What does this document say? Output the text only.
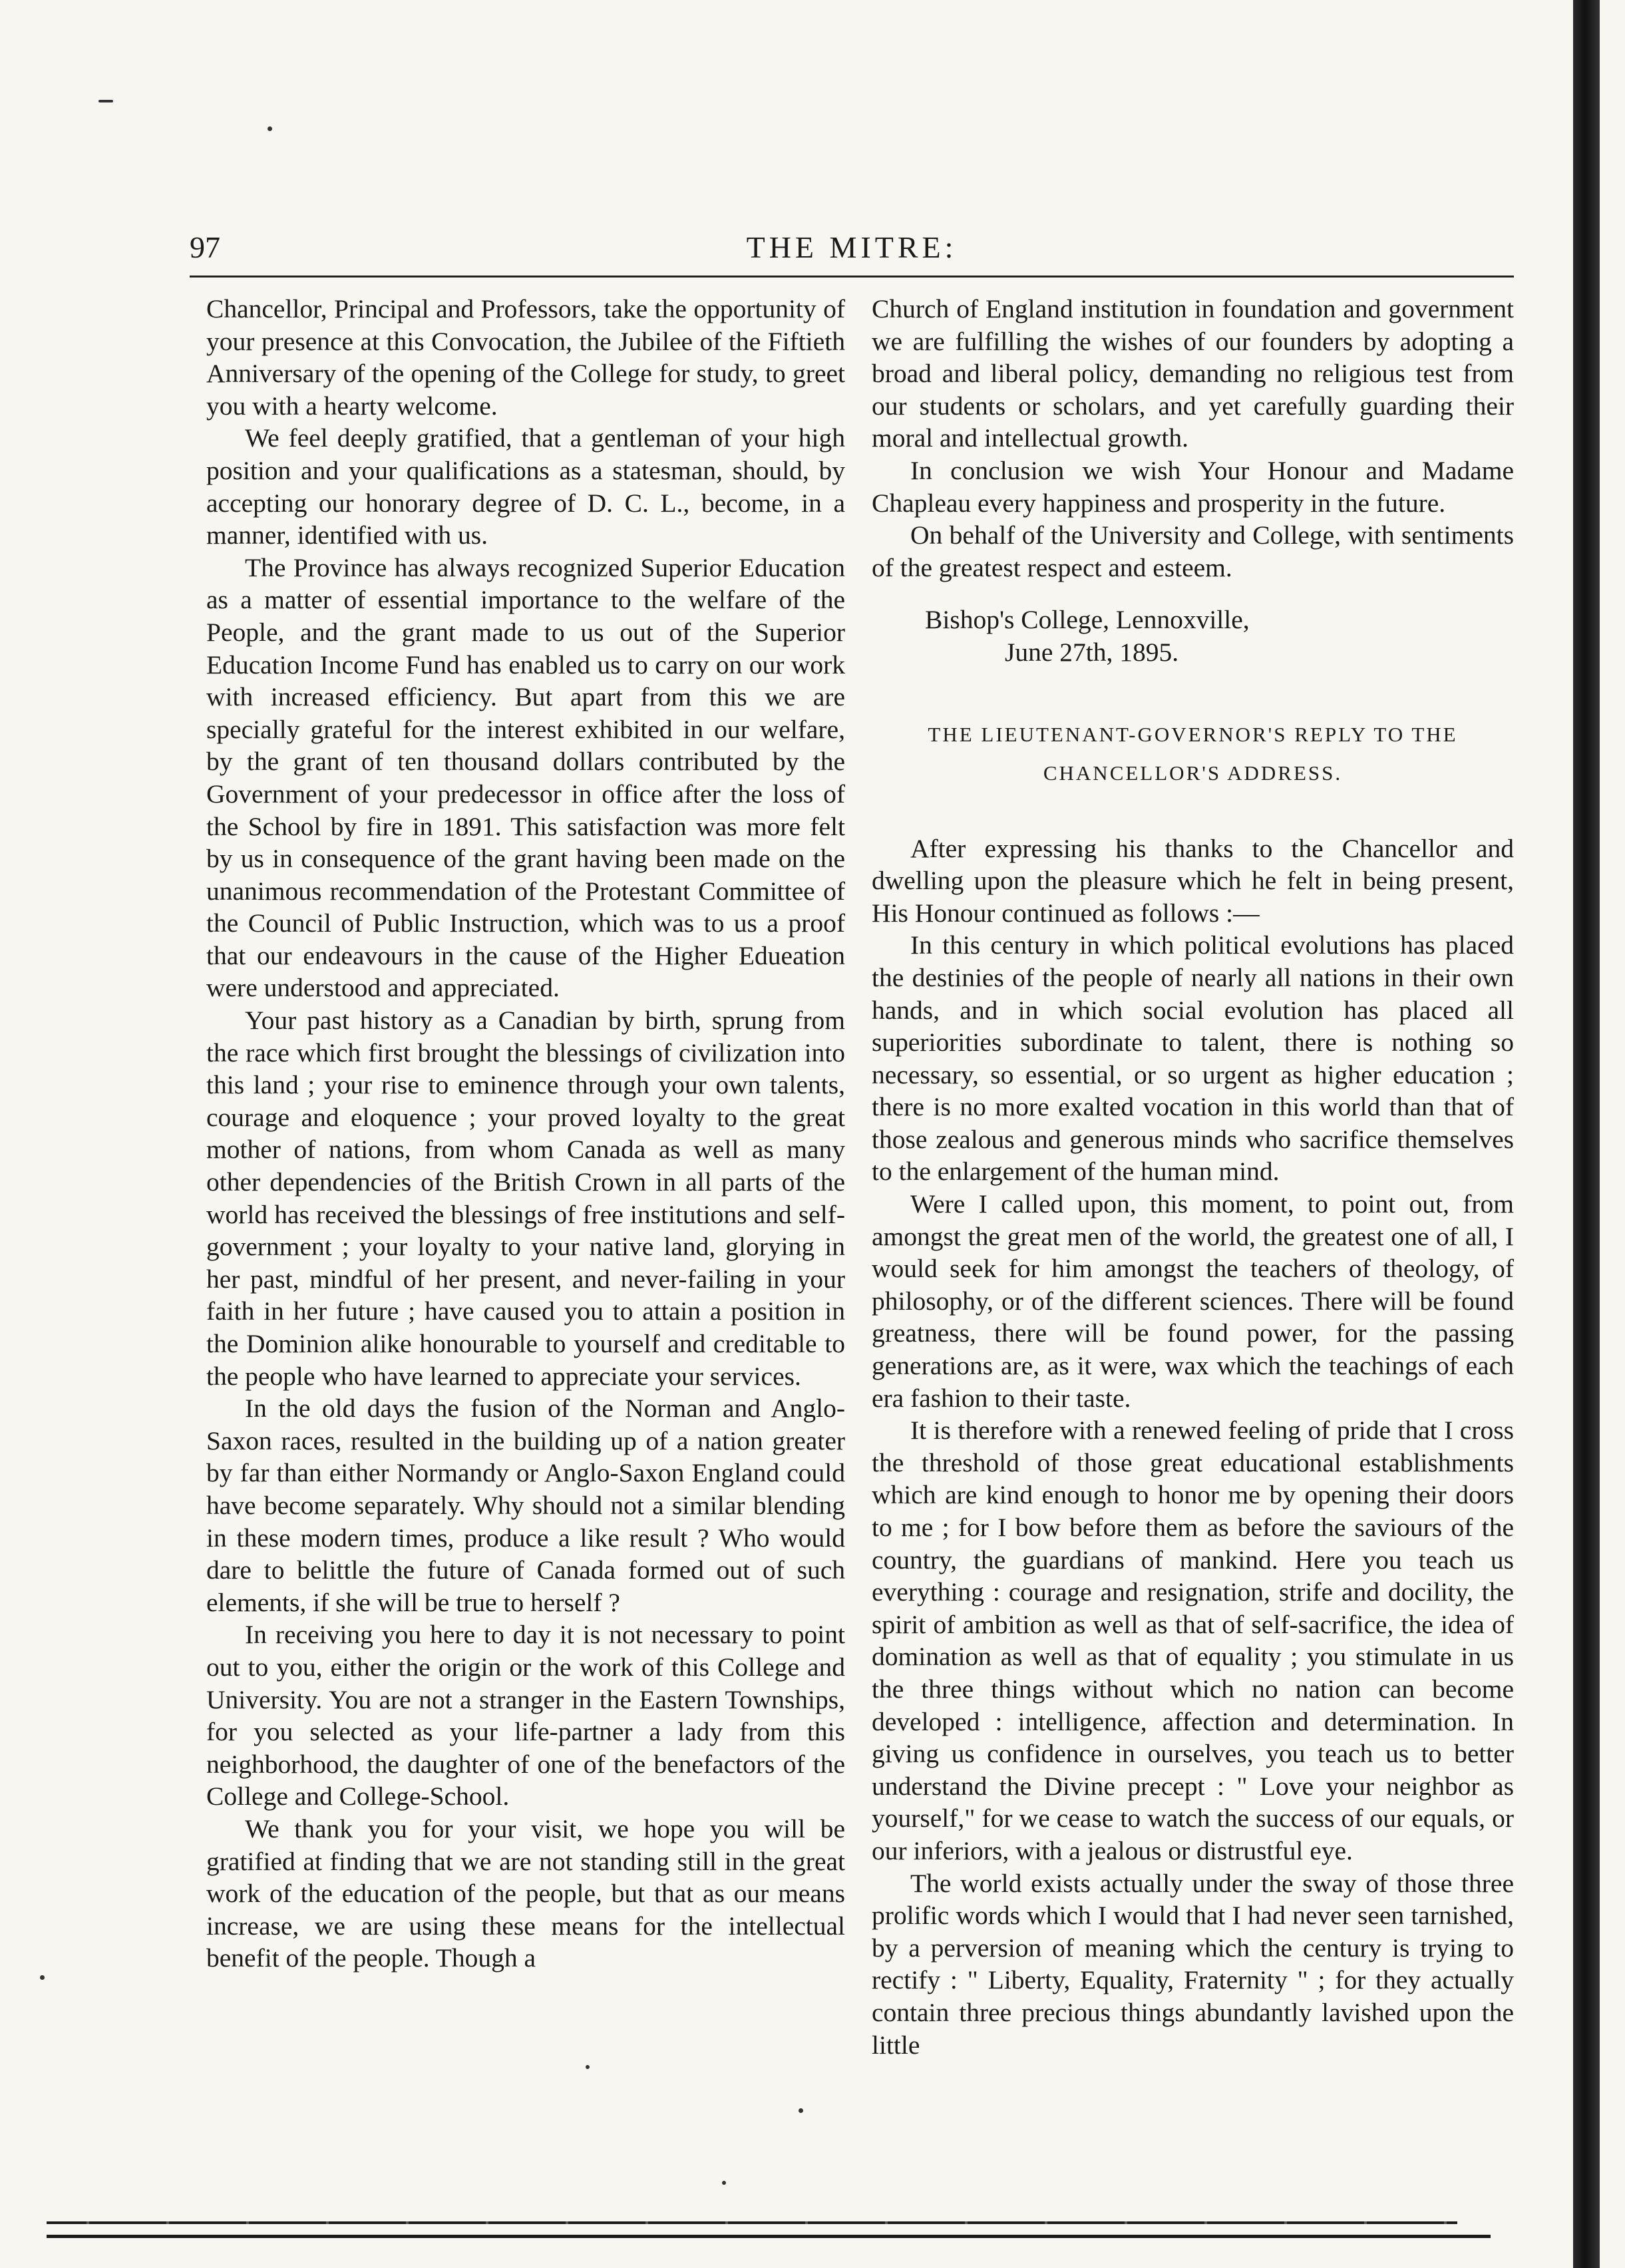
97	THE MITRE:

Chancellor, Principal and Professors, take the opportunity of your presence at this Convocation, the Jubilee of the Fiftieth Anniversary of the opening of the College for study, to greet you with a hearty welcome.

We feel deeply gratified, that a gentleman of your high position and your qualifications as a statesman, should, by accepting our honorary degree of D. C. L., become, in a manner, identified with us.

The Province has always recognized Superior Education as a matter of essential importance to the welfare of the People, and the grant made to us out of the Superior Education Income Fund has enabled us to carry on our work with increased efficiency. But apart from this we are specially grateful for the interest exhibited in our welfare, by the grant of ten thousand dollars contributed by the Government of your predecessor in office after the loss of the School by fire in 1891. This satisfaction was more felt by us in consequence of the grant having been made on the unanimous recommendation of the Protestant Committee of the Council of Public Instruction, which was to us a proof that our endeavours in the cause of the Higher Edueation were understood and appreciated.

Your past history as a Canadian by birth, sprung from the race which first brought the blessings of civilization into this land ; your rise to eminence through your own talents, courage and eloquence ; your proved loyalty to the great mother of nations, from whom Canada as well as many other dependencies of the British Crown in all parts of the world has received the blessings of free institutions and self-government ; your loyalty to your native land, glorying in her past, mindful of her present, and never-failing in your faith in her future ; have caused you to attain a position in the Dominion alike honourable to yourself and creditable to the people who have learned to appreciate your services.

In the old days the fusion of the Norman and Anglo-Saxon races, resulted in the building up of a nation greater by far than either Normandy or Anglo-Saxon England could have become separately. Why should not a similar blending in these modern times, produce a like result ? Who would dare to belittle the future of Canada formed out of such elements, if she will be true to herself ?

In receiving you here to day it is not necessary to point out to you, either the origin or the work of this College and University. You are not a stranger in the Eastern Townships, for you selected as your life-partner a lady from this neighborhood, the daughter of one of the benefactors of the College and College-School.

We thank you for your visit, we hope you will be gratified at finding that we are not standing still in the great work of the education of the people, but that as our means increase, we are using these means for the intellectual benefit of the people. Though a

Church of England institution in foundation and government we are fulfilling the wishes of our founders by adopting a broad and liberal policy, demanding no religious test from our students or scholars, and yet carefully guarding their moral and intellectual growth.

In conclusion we wish Your Honour and Madame Chapleau every happiness and prosperity in the future.

On behalf of the University and College, with sentiments of the greatest respect and esteem.

Bishop's College, Lennoxville,
June 27th, 1895.
THE LIEUTENANT-GOVERNOR'S REPLY TO THE
CHANCELLOR'S ADDRESS.

After expressing his thanks to the Chancellor and dwelling upon the pleasure which he felt in being present, His Honour continued as follows :—

In this century in which political evolutions has placed the destinies of the people of nearly all nations in their own hands, and in which social evolution has placed all superiorities subordinate to talent, there is nothing so necessary, so essential, or so urgent as higher education ; there is no more exalted vocation in this world than that of those zealous and generous minds who sacrifice themselves to the enlargement of the human mind.

Were I called upon, this moment, to point out, from amongst the great men of the world, the greatest one of all, I would seek for him amongst the teachers of theology, of philosophy, or of the different sciences. There will be found greatness, there will be found power, for the passing generations are, as it were, wax which the teachings of each era fashion to their taste.

It is therefore with a renewed feeling of pride that I cross the threshold of those great educational establishments which are kind enough to honor me by opening their doors to me ; for I bow before them as before the saviours of the country, the guardians of mankind. Here you teach us everything : courage and resignation, strife and docility, the spirit of ambition as well as that of self-sacrifice, the idea of domination as well as that of equality ; you stimulate in us the three things without which no nation can become developed : intelligence, affection and determination. In giving us confidence in ourselves, you teach us to better understand the Divine precept : " Love your neighbor as yourself," for we cease to watch the success of our equals, or our inferiors, with a jealous or distrustful eye.

The world exists actually under the sway of those three prolific words which I would that I had never seen tarnished, by a perversion of meaning which the century is trying to rectify : " Liberty, Equality, Fraternity " ; for they actually contain three precious things abundantly lavished upon the little
